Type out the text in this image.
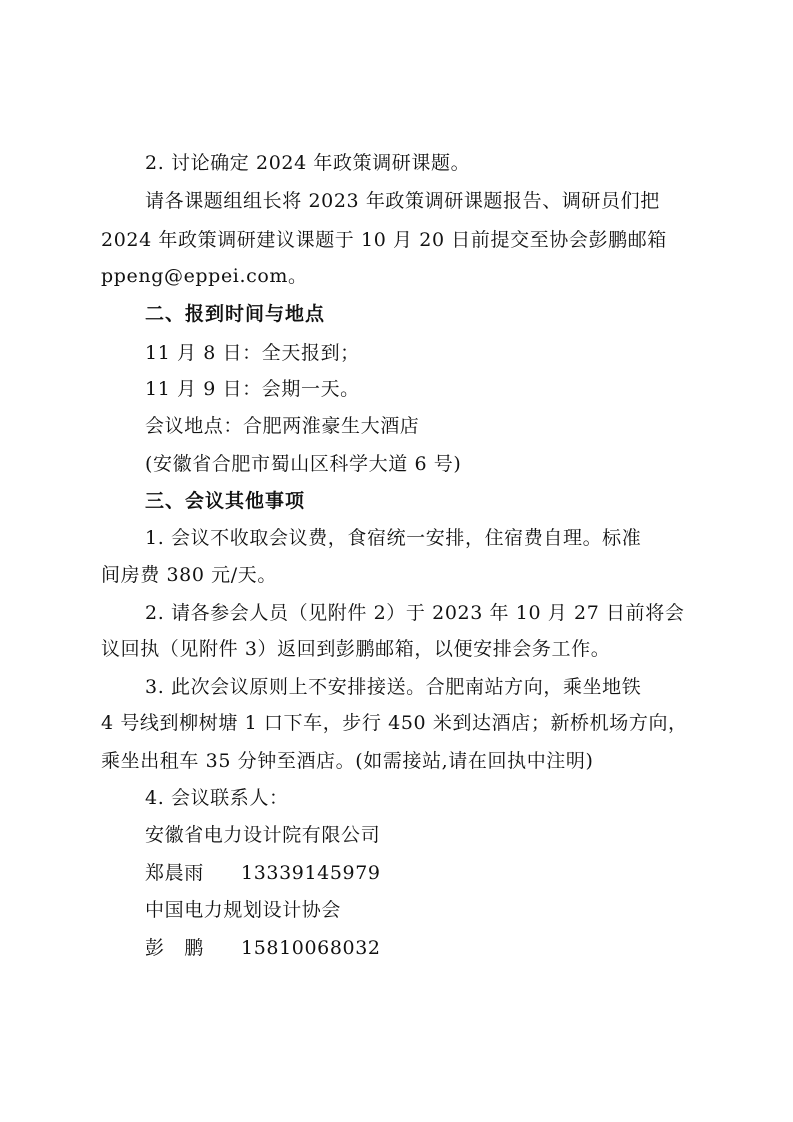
2. 讨论确定 2024 年政策调研课题。
请各课题组组长将 2023 年政策调研课题报告、调研员们把
2024 年政策调研建议课题于 10 月 20 日前提交至协会彭鹏邮箱
ppeng@eppei.com。
二、报到时间与地点
11 月 8 日：全天报到；
11 月 9 日：会期一天。
会议地点：合肥两淮豪生大酒店
(安徽省合肥市蜀山区科学大道 6 号)
三、会议其他事项
1. 会议不收取会议费，食宿统一安排，住宿费自理。标准
间房费 380 元/天。
2. 请各参会人员（见附件 2）于 2023 年 10 月 27 日前将会
议回执（见附件 3）返回到彭鹏邮箱，以便安排会务工作。
3. 此次会议原则上不安排接送。合肥南站方向，乘坐地铁
4 号线到柳树塘 1 口下车，步行 450 米到达酒店；新桥机场方向，
乘坐出租车 35 分钟至酒店。(如需接站,请在回执中注明)
4. 会议联系人：
安徽省电力设计院有限公司
郑晨雨 13339145979
中国电力规划设计协会
彭　鹏 15810068032
